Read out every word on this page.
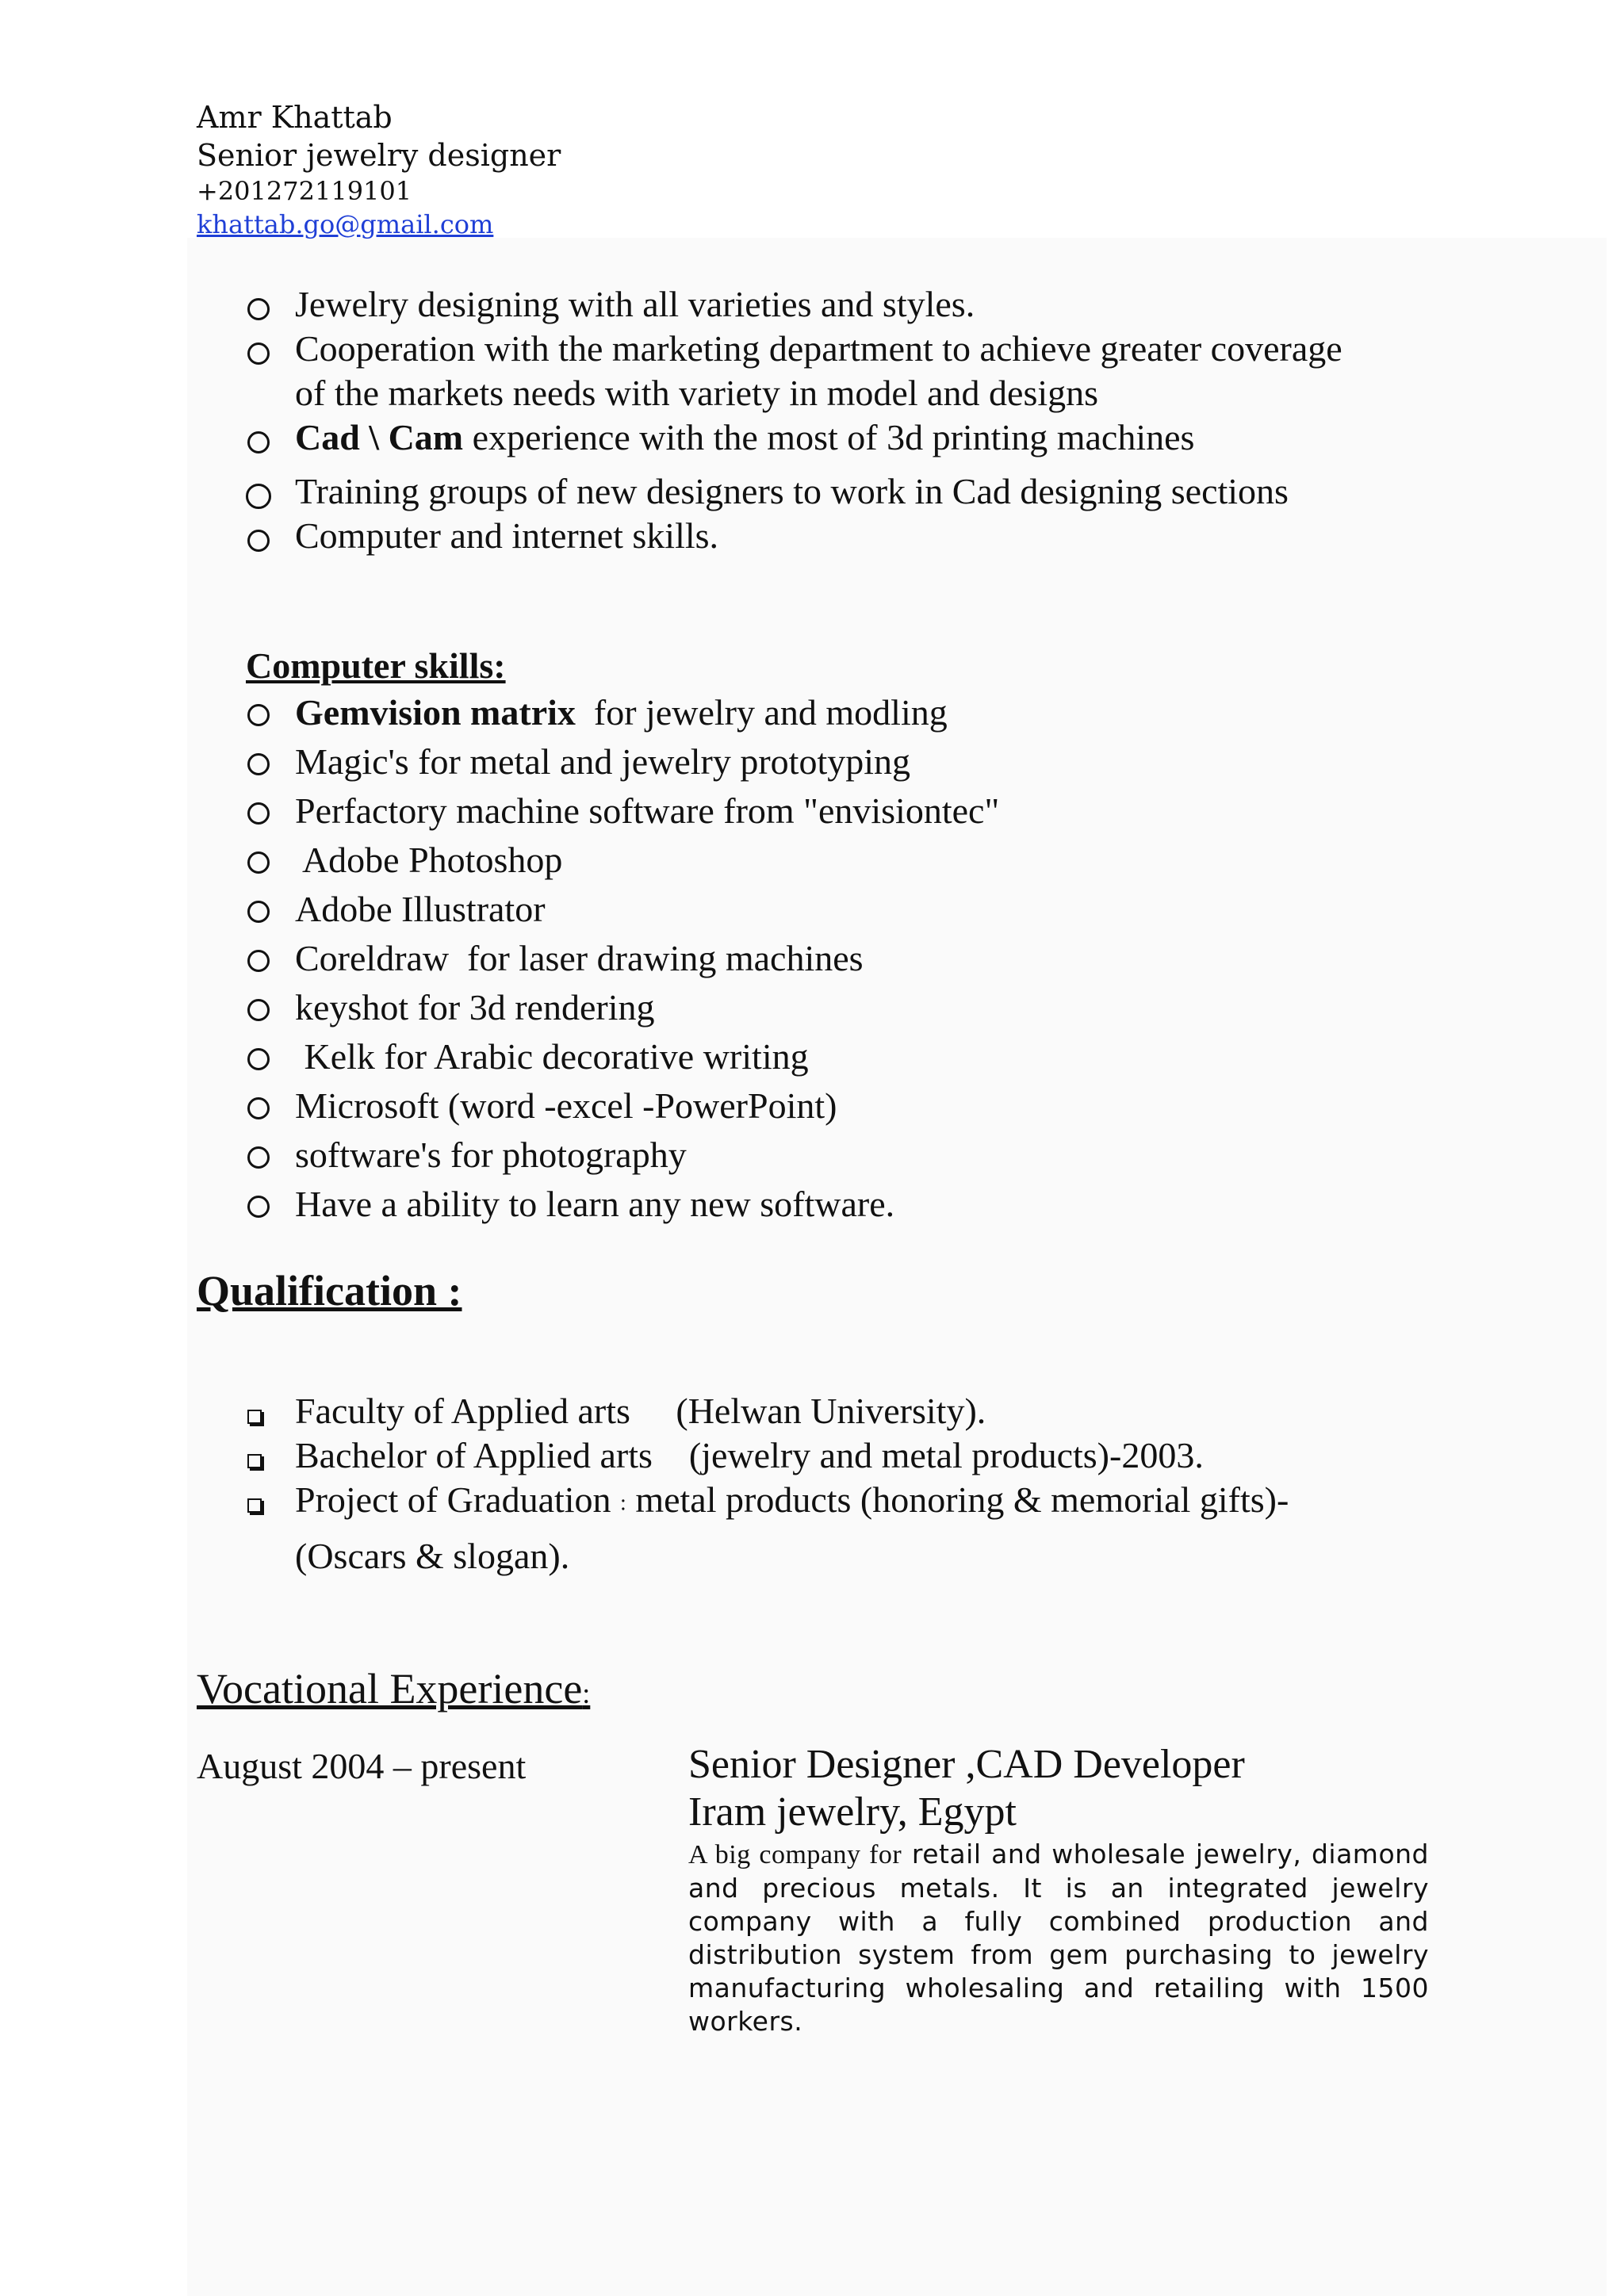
Amr Khattab
Senior jewelry designer
+201272119101
khattab.go@gmail.com
Jewelry designing with all varieties and styles.
Cooperation with the marketing department to achieve greater coverage
of the markets needs with variety in model and designs
Cad \ Cam experience with the most of 3d printing machines
Training groups of new designers to work in Cad designing sections
Computer and internet skills.
Computer skills:
Gemvision matrix  for jewelry and modling
Magic's for metal and jewelry prototyping
Perfactory machine software from "envisiontec"
Adobe Photoshop
Adobe Illustrator
Coreldraw  for laser drawing machines
keyshot for 3d rendering
Kelk for Arabic decorative writing
Microsoft (word -excel -PowerPoint)
software's for photography
Have a ability to learn any new software.
Qualification :
Faculty of Applied arts     (Helwan University).
Bachelor of Applied arts    (jewelry and metal products)-2003.
Project of Graduation : metal products (honoring & memorial gifts)-
(Oscars & slogan).
Vocational Experience:
August 2004 – present	Senior Designer ,CAD Developer
Iram jewelry, Egypt
A big company for retail and wholesale jewelry, diamond and precious metals. It is an integrated jewelry company with a fully combined production and distribution system from gem purchasing to jewelry manufacturing wholesaling and retailing with 1500 workers.
